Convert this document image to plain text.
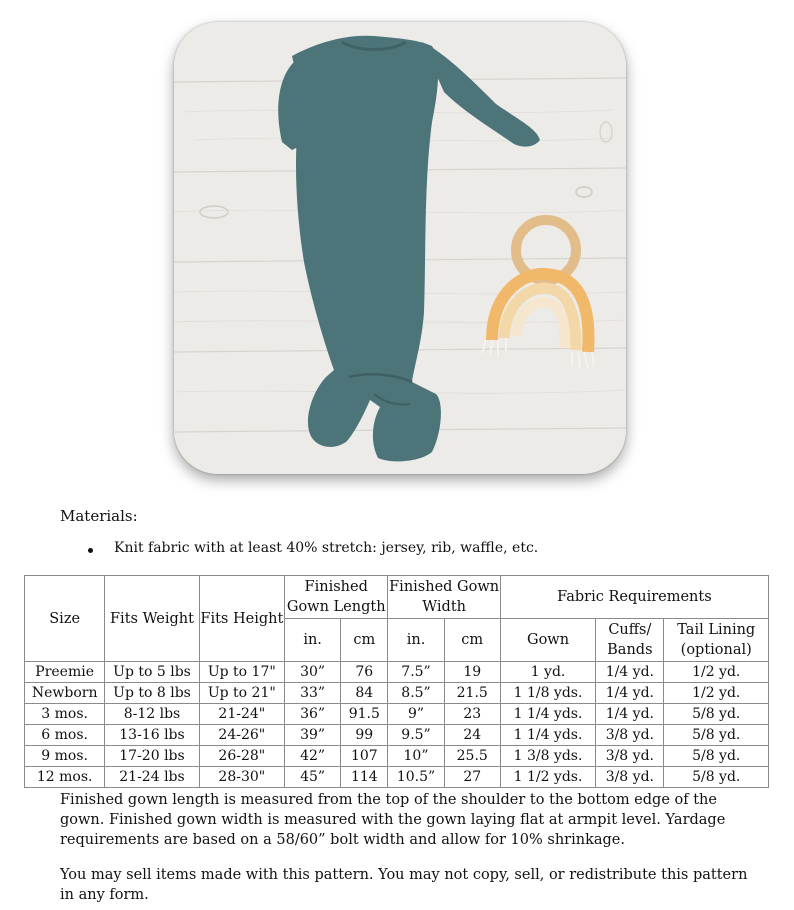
Materials:
Knit fabric with at least 40% stretch: jersey, rib, waffle, etc.
Size	Fits Weight	Fits Height	Finished Gown Length		Finished Gown Width		Fabric Requirements		
			in.	cm	in.	cm	Gown	Cuffs/ Bands	Tail Lining (optional)
Preemie	Up to 5 lbs	Up to 17"	30”	76	7.5”	19	1 yd.	1/4 yd.	1/2 yd.
Newborn	Up to 8 lbs	Up to 21"	33”	84	8.5”	21.5	1 1/8 yds.	1/4 yd.	1/2 yd.
3 mos.	8-12 lbs	21-24"	36”	91.5	9”	23	1 1/4 yds.	1/4 yd.	5/8 yd.
6 mos.	13-16 lbs	24-26"	39”	99	9.5”	24	1 1/4 yds.	3/8 yd.	5/8 yd.
9 mos.	17-20 lbs	26-28"	42”	107	10”	25.5	1 3/8 yds.	3/8 yd.	5/8 yd.
12 mos.	21-24 lbs	28-30"	45”	114	10.5”	27	1 1/2 yds.	3/8 yd.	5/8 yd.

Finished gown length is measured from the top of the shoulder to the bottom edge of the gown. Finished gown width is measured with the gown laying flat at armpit level. Yardage requirements are based on a 58/60” bolt width and allow for 10% shrinkage.

You may sell items made with this pattern. You may not copy, sell, or redistribute this pattern in any form.
